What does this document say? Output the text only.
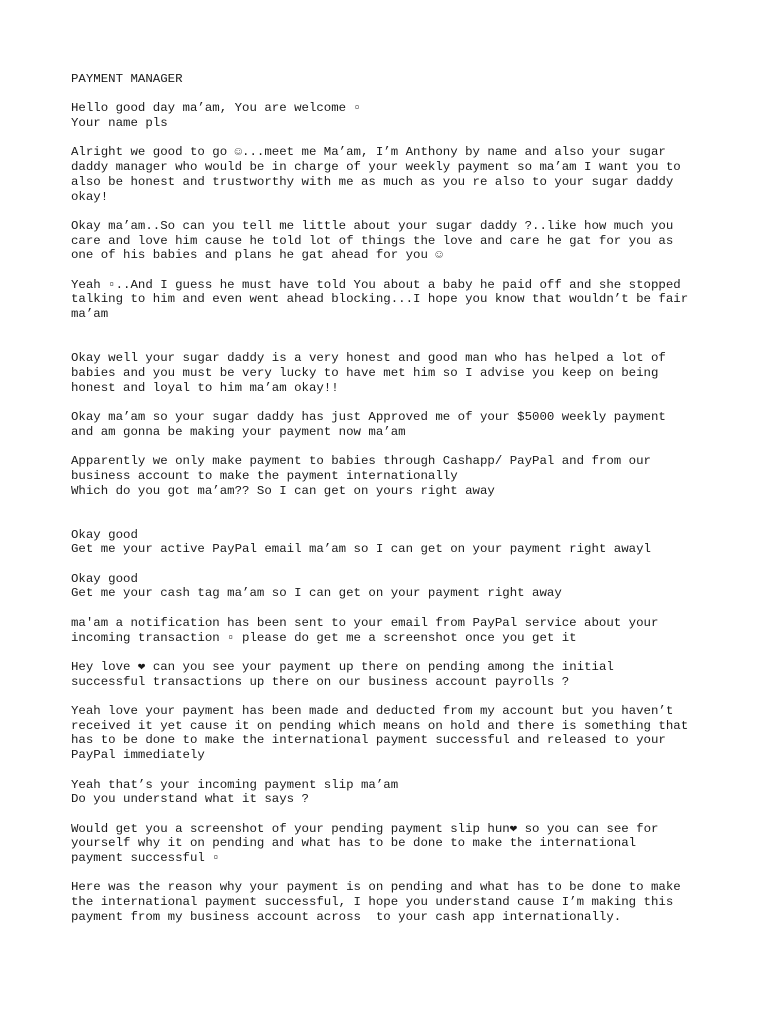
PAYMENT MANAGER
Hello good day ma’am, You are welcome ▫
Your name pls
Alright we good to go ☺...meet me Ma’am, I’m Anthony by name and also your sugar
daddy manager who would be in charge of your weekly payment so ma’am I want you to
also be honest and trustworthy with me as much as you re also to your sugar daddy
okay!
Okay ma’am..So can you tell me little about your sugar daddy ?..like how much you
care and love him cause he told lot of things the love and care he gat for you as
one of his babies and plans he gat ahead for you ☺
Yeah ▫..And I guess he must have told You about a baby he paid off and she stopped
talking to him and even went ahead blocking...I hope you know that wouldn’t be fair
ma’am
Okay well your sugar daddy is a very honest and good man who has helped a lot of
babies and you must be very lucky to have met him so I advise you keep on being
honest and loyal to him ma’am okay!!
Okay ma’am so your sugar daddy has just Approved me of your $5000 weekly payment
and am gonna be making your payment now ma’am
Apparently we only make payment to babies through Cashapp/ PayPal and from our
business account to make the payment internationally
Which do you got ma’am?? So I can get on yours right away
Okay good
Get me your active PayPal email ma’am so I can get on your payment right awayl
Okay good
Get me your cash tag ma’am so I can get on your payment right away
ma'am a notification has been sent to your email from PayPal service about your
incoming transaction ▫ please do get me a screenshot once you get it
Hey love ❤ can you see your payment up there on pending among the initial
successful transactions up there on our business account payrolls ?
Yeah love your payment has been made and deducted from my account but you haven’t
received it yet cause it on pending which means on hold and there is something that
has to be done to make the international payment successful and released to your
PayPal immediately
Yeah that’s your incoming payment slip ma’am
Do you understand what it says ?
Would get you a screenshot of your pending payment slip hun❤ so you can see for
yourself why it on pending and what has to be done to make the international
payment successful ▫
Here was the reason why your payment is on pending and what has to be done to make
the international payment successful, I hope you understand cause I’m making this
payment from my business account across  to your cash app internationally.
